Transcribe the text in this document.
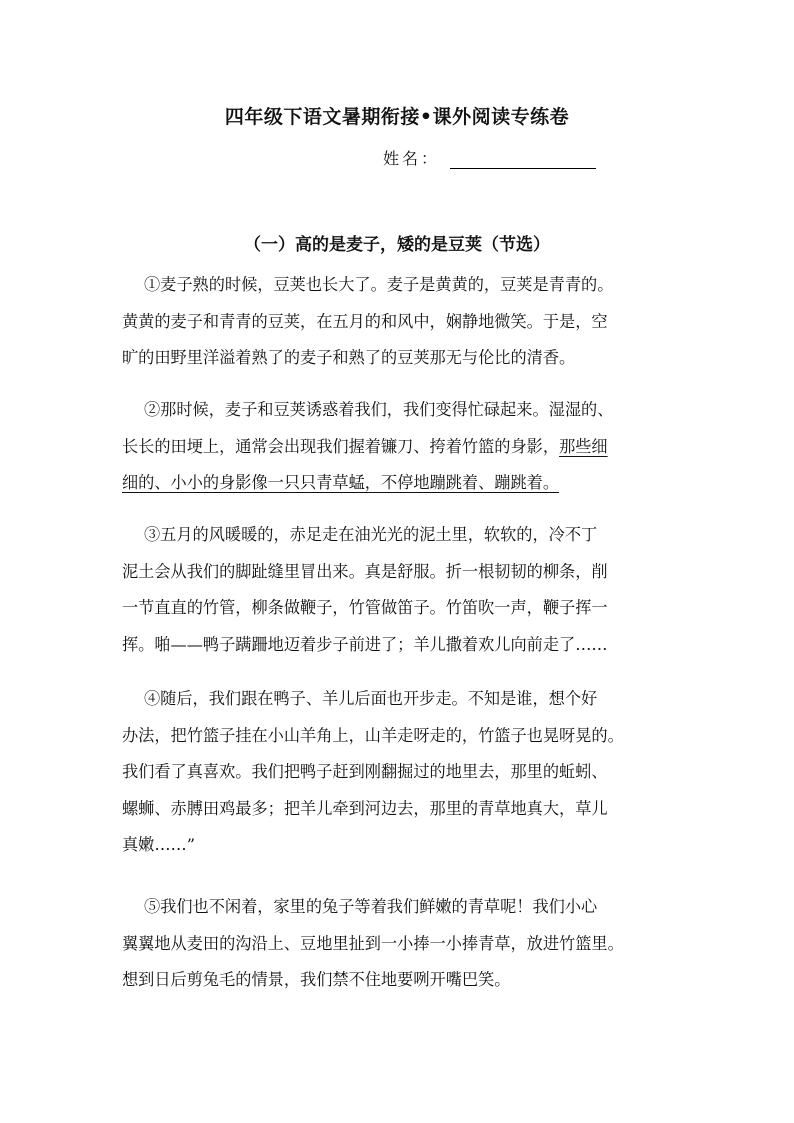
四年级下语文暑期衔接•课外阅读专练卷
姓名：
（一）高的是麦子，矮的是豆荚（节选）
①麦子熟的时候，豆荚也长大了。麦子是黄黄的，豆荚是青青的。
黄黄的麦子和青青的豆荚，在五月的和风中，娴静地微笑。于是，空
旷的田野里洋溢着熟了的麦子和熟了的豆荚那无与伦比的清香。
②那时候，麦子和豆荚诱惑着我们，我们变得忙碌起来。湿湿的、
长长的田埂上，通常会出现我们握着镰刀、挎着竹篮的身影，那些细
细的、小小的身影像一只只青草蜢，不停地蹦跳着、蹦跳着。
③五月的风暖暖的，赤足走在油光光的泥土里，软软的，冷不丁
泥土会从我们的脚趾缝里冒出来。真是舒服。折一根韧韧的柳条，削
一节直直的竹管，柳条做鞭子，竹管做笛子。竹笛吹一声，鞭子挥一
挥。啪——鸭子蹒跚地迈着步子前进了；羊儿撒着欢儿向前走了……
④随后，我们跟在鸭子、羊儿后面也开步走。不知是谁，想个好
办法，把竹篮子挂在小山羊角上，山羊走呀走的，竹篮子也晃呀晃的。
我们看了真喜欢。我们把鸭子赶到刚翻掘过的地里去，那里的蚯蚓、
螺蛳、赤膊田鸡最多；把羊儿牵到河边去，那里的青草地真大，草儿
真嫩……”
⑤我们也不闲着，家里的兔子等着我们鲜嫩的青草呢！我们小心
翼翼地从麦田的沟沿上、豆地里扯到一小捧一小捧青草，放进竹篮里。
想到日后剪兔毛的情景，我们禁不住地要咧开嘴巴笑。
